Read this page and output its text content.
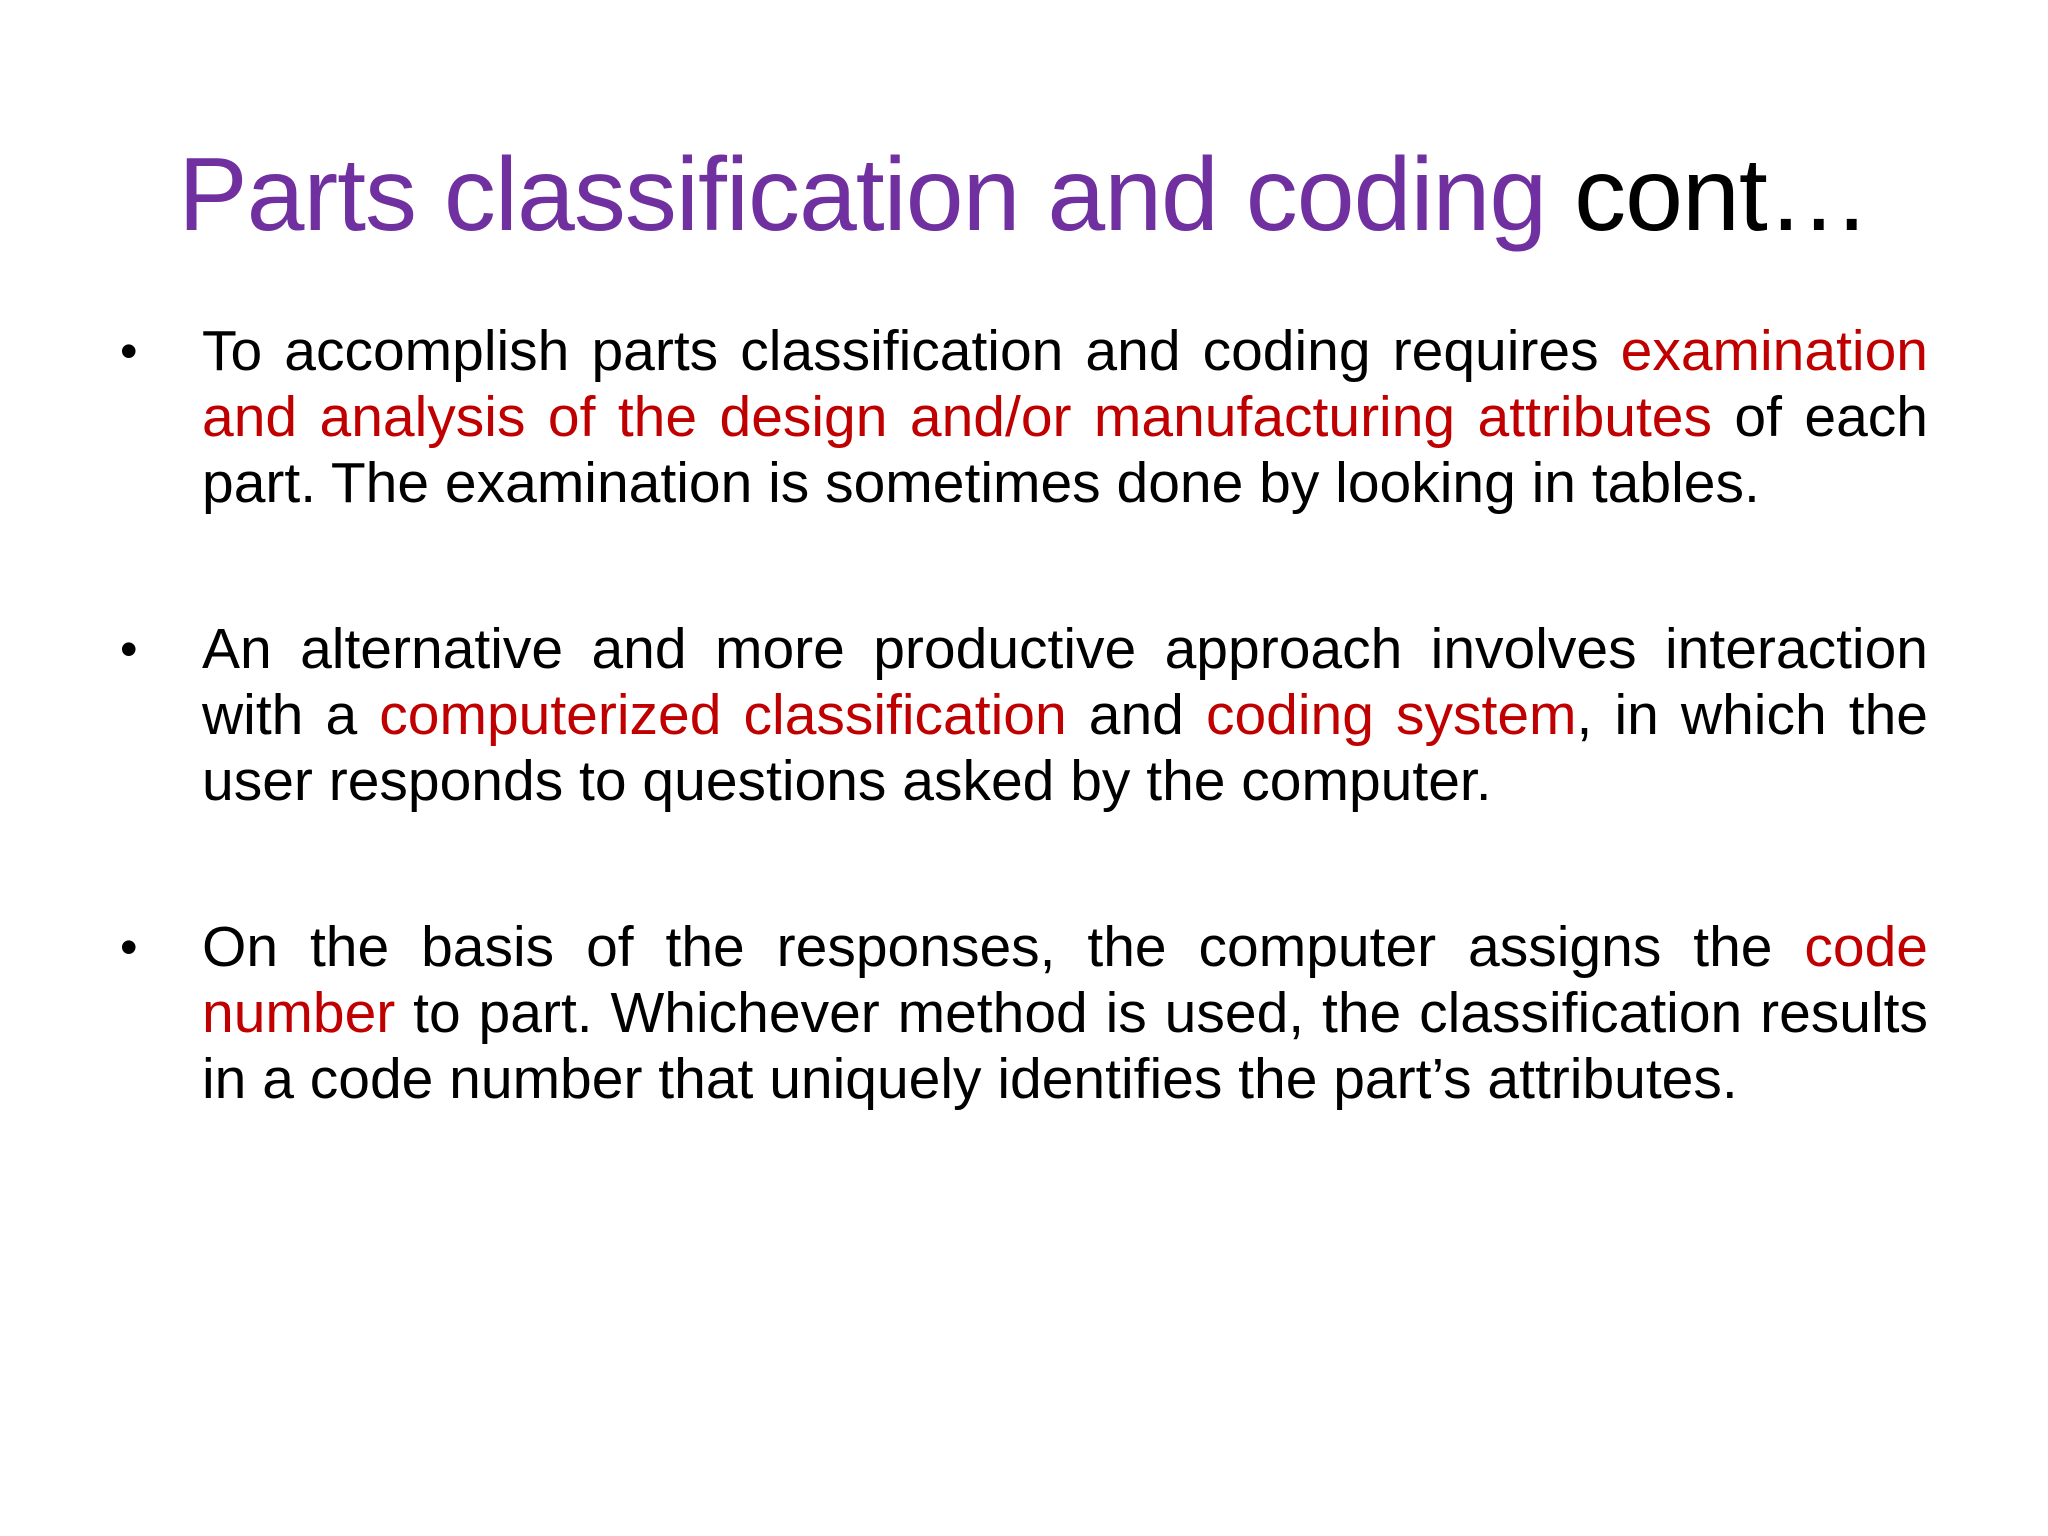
Parts classification and coding cont…
•	To accomplish parts classification and coding requires examination and analysis of the design and/or manufacturing attributes of each part. The examination is sometimes done by looking in tables.
•	An alternative and more productive approach involves interaction with a computerized classification and coding system, in which the user responds to questions asked by the computer.
•	On the basis of the responses, the computer assigns the code number to part. Whichever method is used, the classification results in a code number that uniquely identifies the part’s attributes.
